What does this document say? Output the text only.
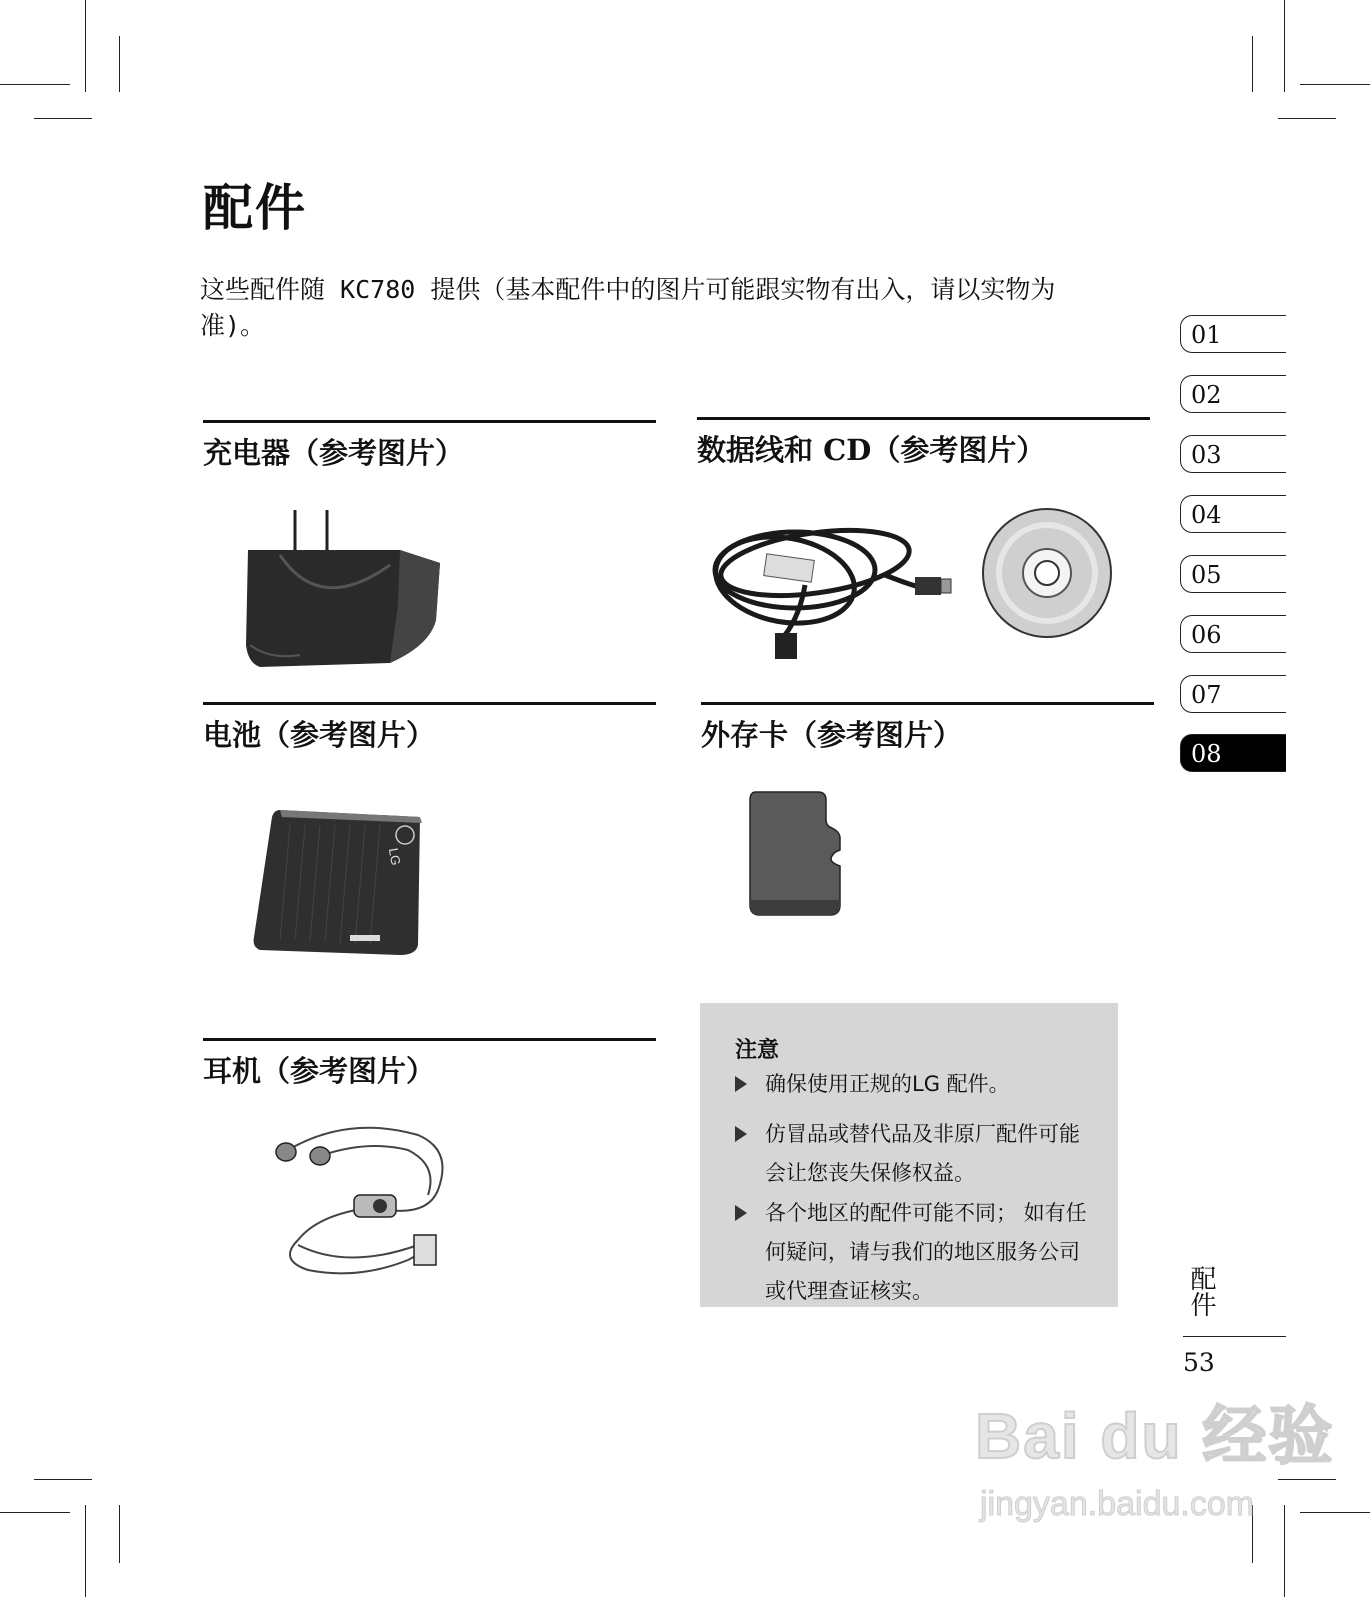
配件
这些配件随 KC780 提供（基本配件中的图片可能跟实物有出入，请以实物为准)。
充电器（参考图片）	数据线和 CD（参考图片）
电池（参考图片）
LG
外存卡（参考图片）
耳机（参考图片）
注意
确保使用正规的LG 配件。
仿冒品或替代品及非原厂配件可能会让您丧失保修权益。
各个地区的配件可能不同； 如有任何疑问，请与我们的地区服务公司或代理查证核实。
01
02
03
04
05
06
07
08
配件
53
Bai du 经验
jingyan.baidu.com
